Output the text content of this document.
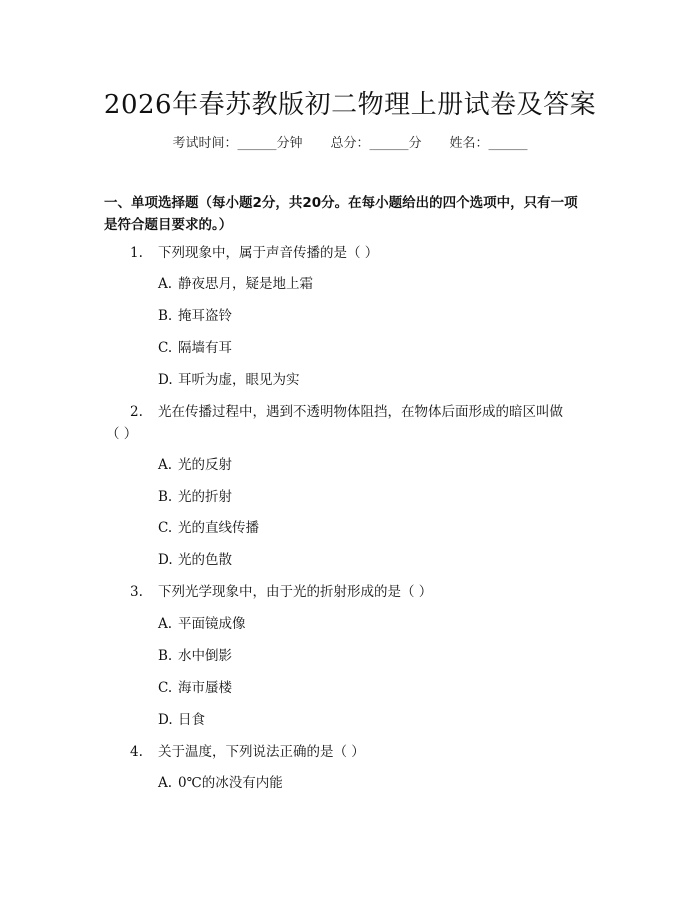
2026年春苏教版初二物理上册试卷及答案
考试时间：______分钟 总分：______分 姓名：______
一、单项选择题（每小题2分，共20分。在每小题给出的四个选项中，只有一项
是符合题目要求的。）
1.	下列现象中，属于声音传播的是（ ）
A. 静夜思月，疑是地上霜
B. 掩耳盗铃
C. 隔墙有耳
D. 耳听为虚，眼见为实
2.	光在传播过程中，遇到不透明物体阻挡，在物体后面形成的暗区叫做
（ ）
A. 光的反射
B. 光的折射
C. 光的直线传播
D. 光的色散
3.	下列光学现象中，由于光的折射形成的是（ ）
A. 平面镜成像
B. 水中倒影
C. 海市蜃楼
D. 日食
4.	关于温度，下列说法正确的是（ ）
A. 0℃的冰没有内能
